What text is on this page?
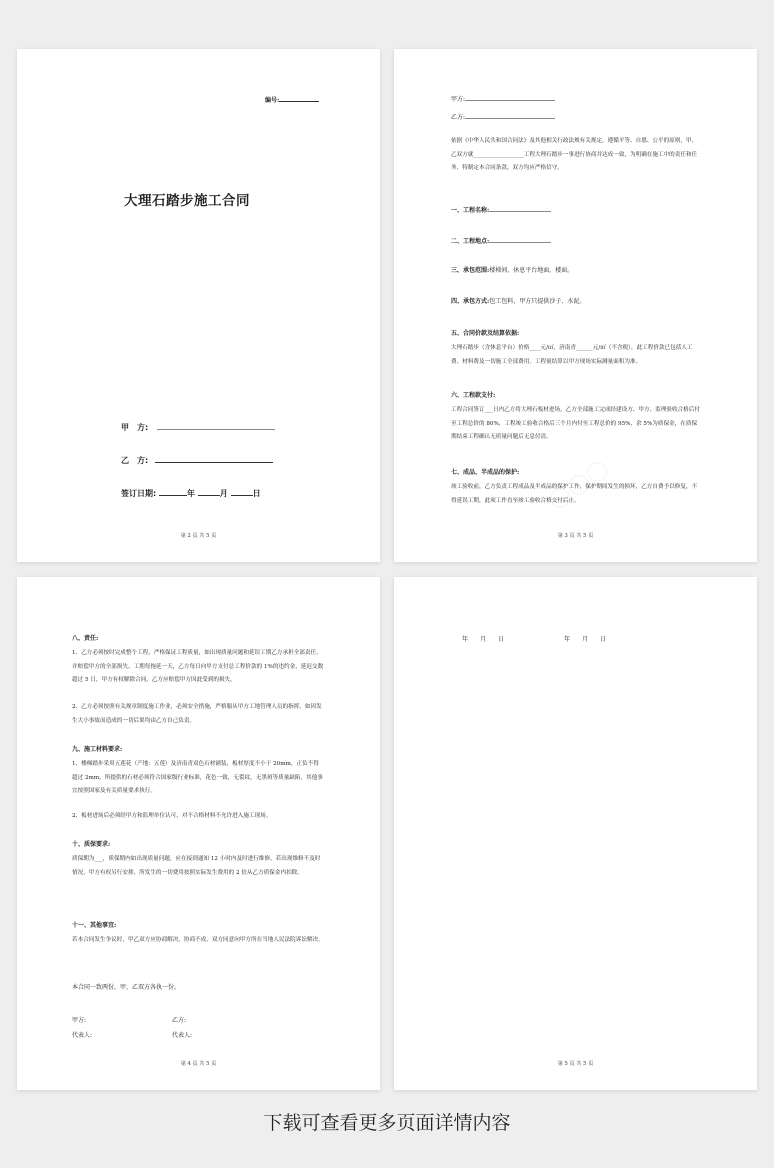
编号:
大理石踏步施工合同
甲　方:
乙　方:
签订日期:	年	月	日
第 2 页 共 5 页
甲方:
乙方:
依据《中华人民共和国合同法》及其他相关行政法规有关规定，遵循平等、自愿、公平的原则，甲、乙双方就__________________工程大理石踏步一事进行协商并达成一致，为明确在施工中的责任和任务，特制定本合同条款，双方均应严格信守。
一、工程名称:
二、工程地点:
三、承包范围:楼梯间、休息平台地面、楼面。
四、承包方式:包工包料，甲方只提供沙子、水泥。
五、合同价款及结算依据:
大理石踏步（含休息平台）价格____元/㎡，济南青______元/㎡（不含税），此工程价款已包括人工费、材料费及一切施工全部费用。工程量结算以甲方现场实际测量面积为准。
六、工程款支付:
工程合同签订___日内乙方将大理石板材进场，乙方全部施工完成经建设方、甲方、监理验收合格后付至工程总价的 80%，工程竣工验收合格后三个月内付至工程总价的 95%，余 5%为质保金，在质保期结束工程确认无质量问题后无息付清。
七、成品、半成品的保护:
竣工验收前，乙方负责工程成品及半成品的保护工作，保护期间发生的损坏，乙方自费予以修复，不得延误工期，此项工作直至竣工验收合格交付后止。
第 3 页 共 5 页
八、责任:
1、乙方必须按时完成整个工程，严格保证工程质量，如出现质量问题和延误工期乙方承担全部责任，并赔偿甲方的全部损失。工期每拖延一天，乙方每日向甲方支付总工程价款的 1%的违约金，延迟交数超过 5 日，甲方有权解除合同，乙方应赔偿甲方因此受到的损失。
2、乙方必须按照有关规章制度施工作业，必须安全措施，严格服从甲方工地管理人员的指挥，如因发生大小事故而造成的一切后果均由乙方自己负责。
九、施工材料要求:
1、楼梯踏步采用五莲花（产地：五莲）及济南青双色石材铺装，板材厚度不小于 20mm，正负不得超过 2mm。所提供的石材必须符合国家级行业标准，花色一致，无裂纹，无黑斑等质量缺陷，其他事宜按照国家及有关质量要求执行。
2、板材进场后必须经甲方和监理单位认可，对不合格材料不允许进入施工现场。
十、质保要求:
质保期为___，质保期内如出现质量问题，应在接到通知 12 小时内及时进行维修，若出现维修不及时情况，甲方有权另行安排，所发生的一切费用按照实际发生费用的 2 倍从乙方质保金内扣除。
十一、其他事宜:
若本合同发生争议时，甲乙双方应协商解决，协商不成，双方同意向甲方所在当地人民法院诉讼解决。
本合同一致两份，甲、乙双方各执一份。
甲方:	乙方:
代表人:	代表人:
第 4 页 共 5 页
年　　月　　日	年　　月　　日
第 5 页 共 5 页
下载可查看更多页面详情内容
